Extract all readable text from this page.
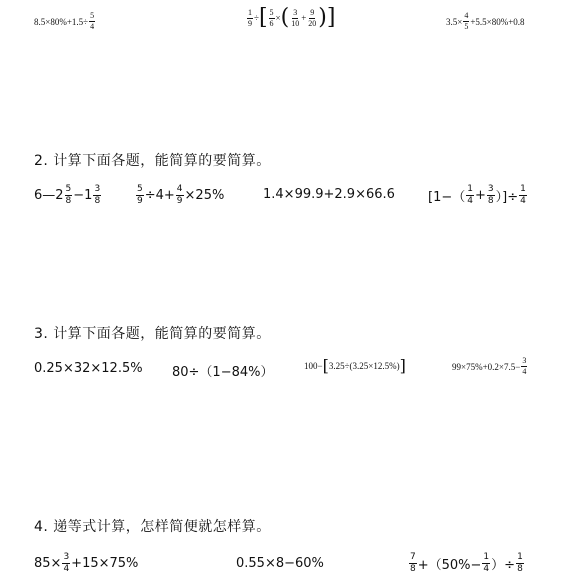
$8.5\times 80\%+1.5\div \frac{5}{4}$	$\frac{1}{9}$ ÷ [ $\frac{5}{6}$ × ( $\frac{3}{10} + \frac{9}{20}$ ) ]	$3.5\times \frac{4}{5} +5.5\times 80\%+0.8$
2. 计算下面各题，能简算的要简算。
6—2 $\frac{5}{8} -1 \frac{3}{8}$	$\frac{5}{9} \div 4+ \frac{4}{9} \times 25\%$	1.4×99.9+2.9×66.6	[$1-( \frac{1}{4} + \frac{3}{8}$ ）]÷ $\frac{1}{4}$
3. 计算下面各题，能简算的要简算。
0.25×32×12.5% 80÷（1−84%）	100− [ 3.25÷(3.25×12.5%) ]	$99\times 75\%+0.2\times 7.5- \frac{3}{4}$
4. 递等式计算，怎样简便就怎样算。
$85\times \frac{3}{4} +15\times 75\%$	0.55×8−60%	$\frac{7}{8} +(50\%- \frac{1}{4}$ ）÷ $\frac{1}{8}$
